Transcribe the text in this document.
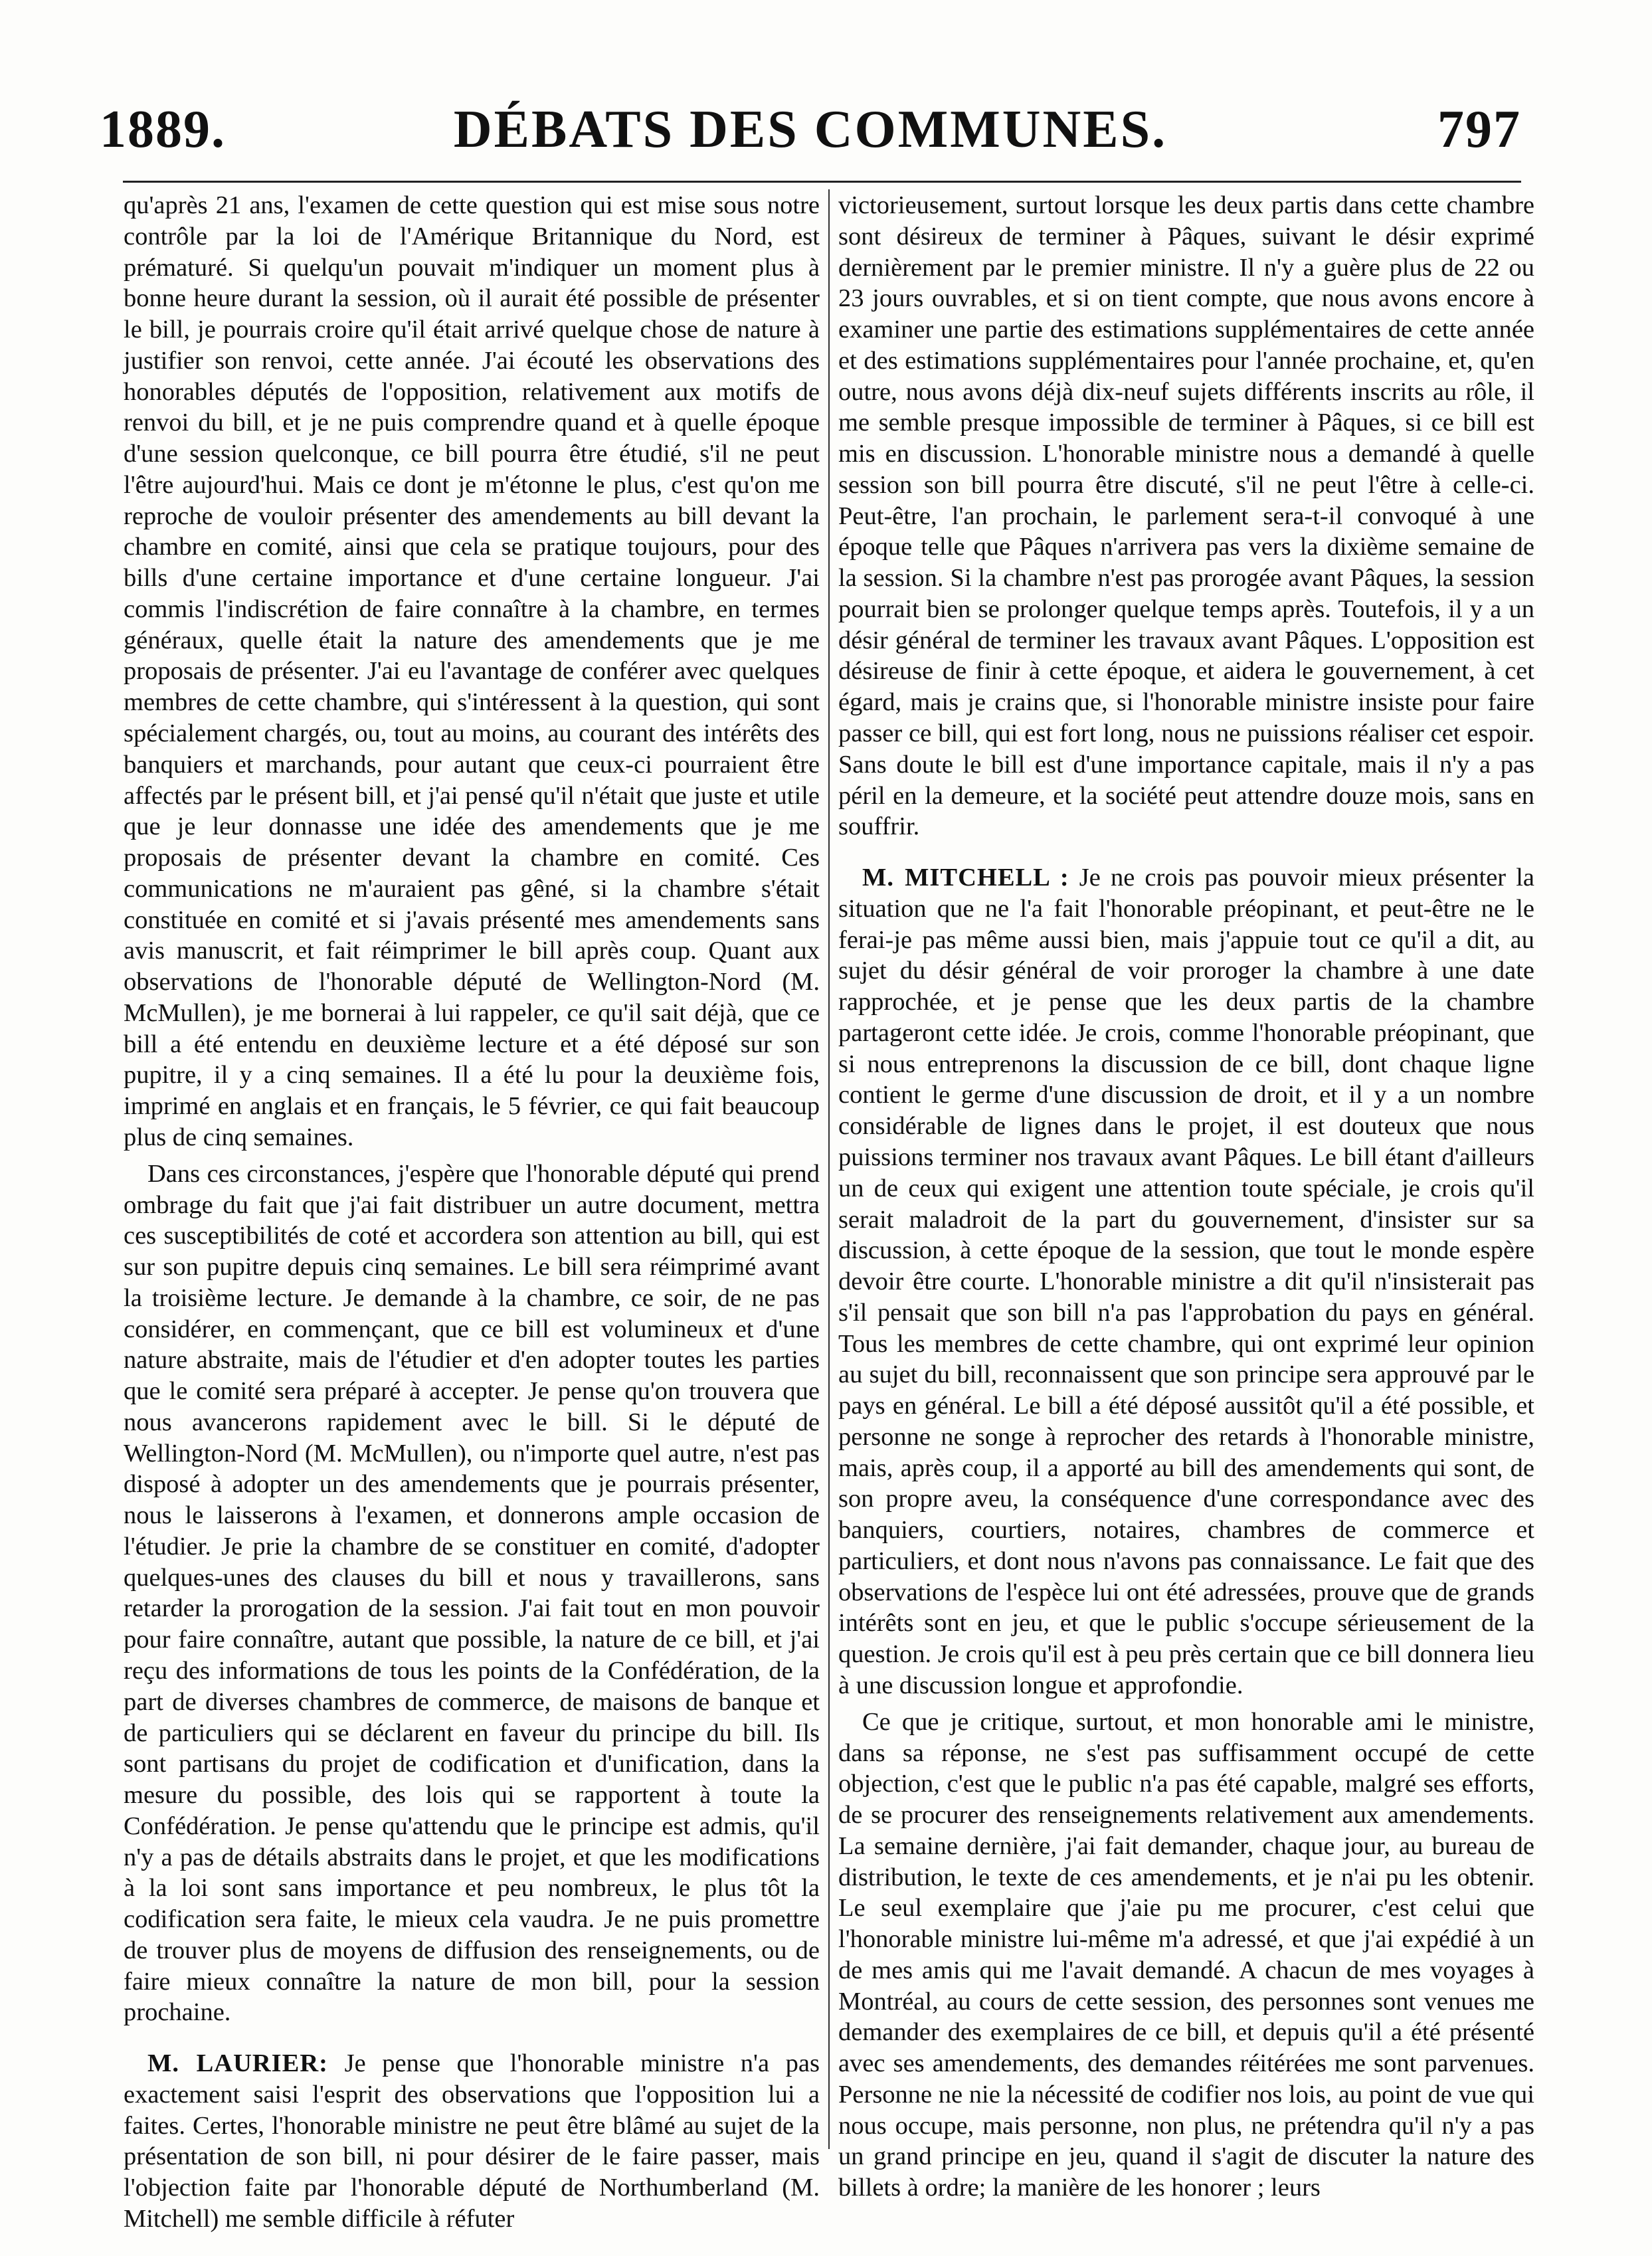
1889.	DÉBATS DES COMMUNES.	797

qu'après 21 ans, l'examen de cette question qui est mise sous notre contrôle par la loi de l'Amérique Britannique du Nord, est prématuré. Si quelqu'un pouvait m'indiquer un moment plus à bonne heure durant la session, où il aurait été possible de présenter le bill, je pourrais croire qu'il était arrivé quelque chose de nature à justifier son renvoi, cette année. J'ai écouté les observations des honorables députés de l'opposition, relativement aux motifs de renvoi du bill, et je ne puis comprendre quand et à quelle époque d'une session quelconque, ce bill pourra être étudié, s'il ne peut l'être aujourd'hui. Mais ce dont je m'étonne le plus, c'est qu'on me reproche de vouloir présenter des amendements au bill devant la chambre en comité, ainsi que cela se pratique toujours, pour des bills d'une certaine importance et d'une certaine longueur. J'ai commis l'indiscrétion de faire connaître à la chambre, en termes généraux, quelle était la nature des amendements que je me proposais de présenter. J'ai eu l'avantage de conférer avec quelques membres de cette chambre, qui s'intéressent à la question, qui sont spécialement chargés, ou, tout au moins, au courant des intérêts des banquiers et marchands, pour autant que ceux-ci pourraient être affectés par le présent bill, et j'ai pensé qu'il n'était que juste et utile que je leur donnasse une idée des amendements que je me proposais de présenter devant la chambre en comité. Ces communications ne m'auraient pas gêné, si la chambre s'était constituée en comité et si j'avais présenté mes amendements sans avis manuscrit, et fait réimprimer le bill après coup. Quant aux observations de l'honorable député de Wellington-Nord (M. McMullen), je me bornerai à lui rappeler, ce qu'il sait déjà, que ce bill a été entendu en deuxième lecture et a été déposé sur son pupitre, il y a cinq semaines. Il a été lu pour la deuxième fois, imprimé en anglais et en français, le 5 février, ce qui fait beaucoup plus de cinq semaines.

Dans ces circonstances, j'espère que l'honorable député qui prend ombrage du fait que j'ai fait distribuer un autre document, mettra ces susceptibilités de coté et accordera son attention au bill, qui est sur son pupitre depuis cinq semaines. Le bill sera réimprimé avant la troisième lecture. Je demande à la chambre, ce soir, de ne pas considérer, en commençant, que ce bill est volumineux et d'une nature abstraite, mais de l'étudier et d'en adopter toutes les parties que le comité sera préparé à accepter. Je pense qu'on trouvera que nous avancerons rapidement avec le bill. Si le député de Wellington-Nord (M. McMullen), ou n'importe quel autre, n'est pas disposé à adopter un des amendements que je pourrais présenter, nous le laisserons à l'examen, et donnerons ample occasion de l'étudier. Je prie la chambre de se constituer en comité, d'adopter quelques-unes des clauses du bill et nous y travaillerons, sans retarder la prorogation de la session. J'ai fait tout en mon pouvoir pour faire connaître, autant que possible, la nature de ce bill, et j'ai reçu des informations de tous les points de la Confédération, de la part de diverses chambres de commerce, de maisons de banque et de particuliers qui se déclarent en faveur du principe du bill. Ils sont partisans du projet de codification et d'unification, dans la mesure du possible, des lois qui se rapportent à toute la Confédération. Je pense qu'attendu que le principe est admis, qu'il n'y a pas de détails abstraits dans le projet, et que les modifications à la loi sont sans importance et peu nombreux, le plus tôt la codification sera faite, le mieux cela vaudra. Je ne puis promettre de trouver plus de moyens de diffusion des renseignements, ou de faire mieux connaître la nature de mon bill, pour la session prochaine.

M. LAURIER: Je pense que l'honorable ministre n'a pas exactement saisi l'esprit des observations que l'opposition lui a faites. Certes, l'honorable ministre ne peut être blâmé au sujet de la présentation de son bill, ni pour désirer de le faire passer, mais l'objection faite par l'honorable député de Northumberland (M. Mitchell) me semble difficile à réfuter

victorieusement, surtout lorsque les deux partis dans cette chambre sont désireux de terminer à Pâques, suivant le désir exprimé dernièrement par le premier ministre. Il n'y a guère plus de 22 ou 23 jours ouvrables, et si on tient compte, que nous avons encore à examiner une partie des estimations supplémentaires de cette année et des estimations supplémentaires pour l'année prochaine, et, qu'en outre, nous avons déjà dix-neuf sujets différents inscrits au rôle, il me semble presque impossible de terminer à Pâques, si ce bill est mis en discussion. L'honorable ministre nous a demandé à quelle session son bill pourra être discuté, s'il ne peut l'être à celle-ci. Peut-être, l'an prochain, le parlement sera-t-il convoqué à une époque telle que Pâques n'arrivera pas vers la dixième semaine de la session. Si la chambre n'est pas prorogée avant Pâques, la session pourrait bien se prolonger quelque temps après. Toutefois, il y a un désir général de terminer les travaux avant Pâques. L'opposition est désireuse de finir à cette époque, et aidera le gouvernement, à cet égard, mais je crains que, si l'honorable ministre insiste pour faire passer ce bill, qui est fort long, nous ne puissions réaliser cet espoir. Sans doute le bill est d'une importance capitale, mais il n'y a pas péril en la demeure, et la société peut attendre douze mois, sans en souffrir.

M. MITCHELL : Je ne crois pas pouvoir mieux présenter la situation que ne l'a fait l'honorable préopinant, et peut-être ne le ferai-je pas même aussi bien, mais j'appuie tout ce qu'il a dit, au sujet du désir général de voir proroger la chambre à une date rapprochée, et je pense que les deux partis de la chambre partageront cette idée. Je crois, comme l'honorable préopinant, que si nous entreprenons la discussion de ce bill, dont chaque ligne contient le germe d'une discussion de droit, et il y a un nombre considérable de lignes dans le projet, il est douteux que nous puissions terminer nos travaux avant Pâques. Le bill étant d'ailleurs un de ceux qui exigent une attention toute spéciale, je crois qu'il serait maladroit de la part du gouvernement, d'insister sur sa discussion, à cette époque de la session, que tout le monde espère devoir être courte. L'honorable ministre a dit qu'il n'insisterait pas s'il pensait que son bill n'a pas l'approbation du pays en général. Tous les membres de cette chambre, qui ont exprimé leur opinion au sujet du bill, reconnaissent que son principe sera approuvé par le pays en général. Le bill a été déposé aussitôt qu'il a été possible, et personne ne songe à reprocher des retards à l'honorable ministre, mais, après coup, il a apporté au bill des amendements qui sont, de son propre aveu, la conséquence d'une correspondance avec des banquiers, courtiers, notaires, chambres de commerce et particuliers, et dont nous n'avons pas connaissance. Le fait que des observations de l'espèce lui ont été adressées, prouve que de grands intérêts sont en jeu, et que le public s'occupe sérieusement de la question. Je crois qu'il est à peu près certain que ce bill donnera lieu à une discussion longue et approfondie.

Ce que je critique, surtout, et mon honorable ami le ministre, dans sa réponse, ne s'est pas suffisamment occupé de cette objection, c'est que le public n'a pas été capable, malgré ses efforts, de se procurer des renseignements relativement aux amendements. La semaine dernière, j'ai fait demander, chaque jour, au bureau de distribution, le texte de ces amendements, et je n'ai pu les obtenir. Le seul exemplaire que j'aie pu me procurer, c'est celui que l'honorable ministre lui-même m'a adressé, et que j'ai expédié à un de mes amis qui me l'avait demandé. A chacun de mes voyages à Montréal, au cours de cette session, des personnes sont venues me demander des exemplaires de ce bill, et depuis qu'il a été présenté avec ses amendements, des demandes réitérées me sont parvenues. Personne ne nie la nécessité de codifier nos lois, au point de vue qui nous occupe, mais personne, non plus, ne prétendra qu'il n'y a pas un grand principe en jeu, quand il s'agit de discuter la nature des billets à ordre; la manière de les honorer ; leurs
